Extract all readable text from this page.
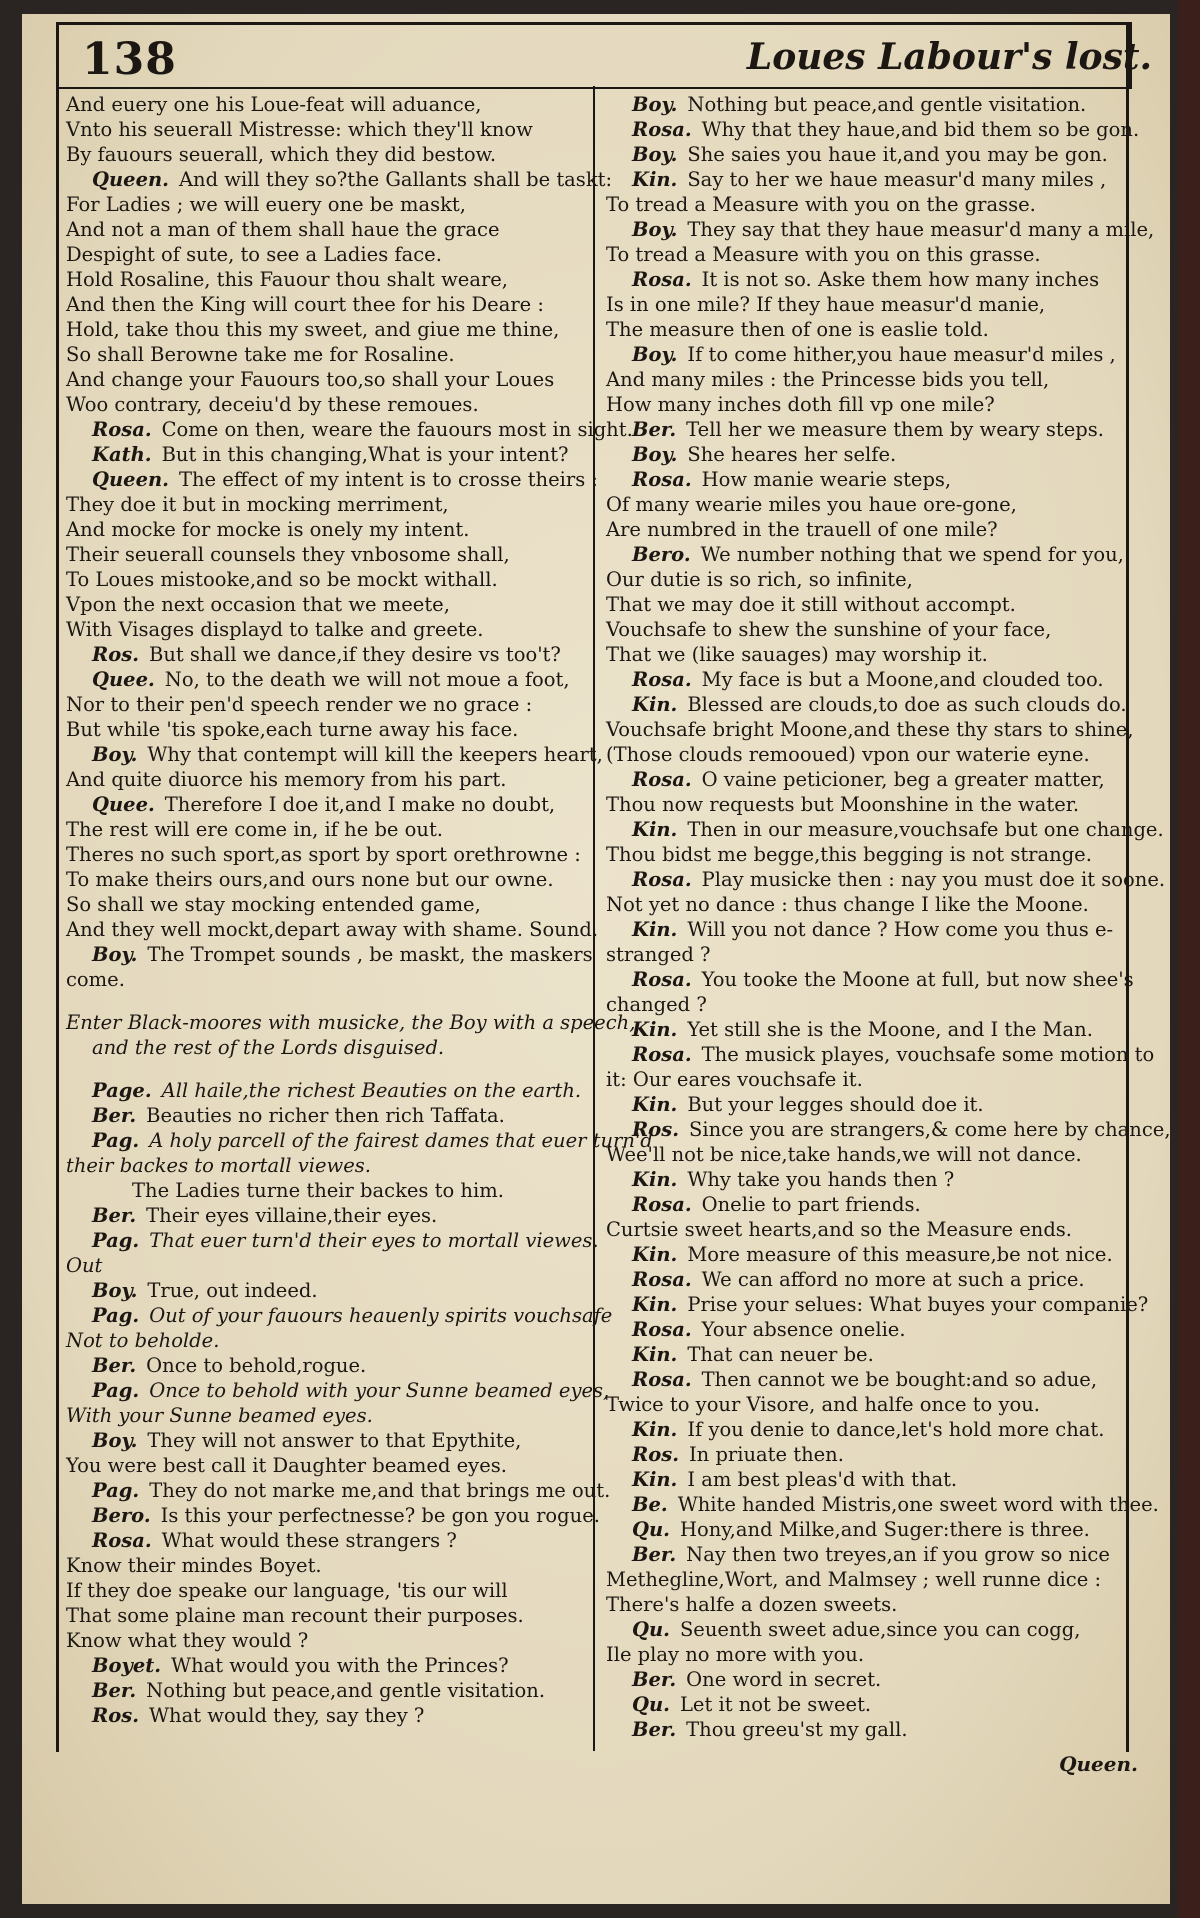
138	Loues Labour's lost.
And euery one his Loue-feat will aduance,
Vnto his seuerall Mistresse: which they'll know
By fauours seuerall, which they did bestow.
Queen. And will they so?the Gallants shall be taskt:
For Ladies ; we will euery one be maskt,
And not a man of them shall haue the grace
Despight of sute, to see a Ladies face.
Hold Rosaline, this Fauour thou shalt weare,
And then the King will court thee for his Deare :
Hold, take thou this my sweet, and giue me thine,
So shall Berowne take me for Rosaline.
And change your Fauours too,so shall your Loues
Woo contrary, deceiu'd by these remoues.
Rosa. Come on then, weare the fauours most in sight.
Kath. But in this changing,What is your intent?
Queen. The effect of my intent is to crosse theirs :
They doe it but in mocking merriment,
And mocke for mocke is onely my intent.
Their seuerall counsels they vnbosome shall,
To Loues mistooke,and so be mockt withall.
Vpon the next occasion that we meete,
With Visages displayd to talke and greete.
Ros. But shall we dance,if they desire vs too't?
Quee. No, to the death we will not moue a foot,
Nor to their pen'd speech render we no grace :
But while 'tis spoke,each turne away his face.
Boy. Why that contempt will kill the keepers heart,
And quite diuorce his memory from his part.
Quee. Therefore I doe it,and I make no doubt,
The rest will ere come in, if he be out.
Theres no such sport,as sport by sport orethrowne :
To make theirs ours,and ours none but our owne.
So shall we stay mocking entended game,
And they well mockt,depart away with shame. Sound.
Boy. The Trompet sounds , be maskt, the maskers
come.
Enter Black-moores with musicke, the Boy with a speech,
and the rest of the Lords disguised.
Page. All haile,the richest Beauties on the earth.
Ber. Beauties no richer then rich Taffata.
Pag. A holy parcell of the fairest dames that euer turn'd
their backes to mortall viewes.
The Ladies turne their backes to him.
Ber. Their eyes villaine,their eyes.
Pag. That euer turn'd their eyes to mortall viewes.
Out
Boy. True, out indeed.
Pag. Out of your fauours heauenly spirits vouchsafe
Not to beholde.
Ber. Once to behold,rogue.
Pag. Once to behold with your Sunne beamed eyes,
With your Sunne beamed eyes.
Boy. They will not answer to that Epythite,
You were best call it Daughter beamed eyes.
Pag. They do not marke me,and that brings me out.
Bero. Is this your perfectnesse? be gon you rogue.
Rosa. What would these strangers ?
Know their mindes Boyet.
If they doe speake our language, 'tis our will
That some plaine man recount their purposes.
Know what they would ?
Boyet. What would you with the Princes?
Ber. Nothing but peace,and gentle visitation.
Ros. What would they, say they ?
Boy. Nothing but peace,and gentle visitation.
Rosa. Why that they haue,and bid them so be gon.
Boy. She saies you haue it,and you may be gon.
Kin. Say to her we haue measur'd many miles ,
To tread a Measure with you on the grasse.
Boy. They say that they haue measur'd many a mile,
To tread a Measure with you on this grasse.
Rosa. It is not so. Aske them how many inches
Is in one mile? If they haue measur'd manie,
The measure then of one is easlie told.
Boy. If to come hither,you haue measur'd miles ,
And many miles : the Princesse bids you tell,
How many inches doth fill vp one mile?
Ber. Tell her we measure them by weary steps.
Boy. She heares her selfe.
Rosa. How manie wearie steps,
Of many wearie miles you haue ore-gone,
Are numbred in the trauell of one mile?
Bero. We number nothing that we spend for you,
Our dutie is so rich, so infinite,
That we may doe it still without accompt.
Vouchsafe to shew the sunshine of your face,
That we (like sauages) may worship it.
Rosa. My face is but a Moone,and clouded too.
Kin. Blessed are clouds,to doe as such clouds do.
Vouchsafe bright Moone,and these thy stars to shine,
(Those clouds remooued) vpon our waterie eyne.
Rosa. O vaine peticioner, beg a greater matter,
Thou now requests but Moonshine in the water.
Kin. Then in our measure,vouchsafe but one change.
Thou bidst me begge,this begging is not strange.
Rosa. Play musicke then : nay you must doe it soone.
Not yet no dance : thus change I like the Moone.
Kin. Will you not dance ? How come you thus e-
stranged ?
Rosa. You tooke the Moone at full, but now shee's
changed ?
Kin. Yet still she is the Moone, and I the Man.
Rosa. The musick playes, vouchsafe some motion to
it: Our eares vouchsafe it.
Kin. But your legges should doe it.
Ros. Since you are strangers,& come here by chance,
Wee'll not be nice,take hands,we will not dance.
Kin. Why take you hands then ?
Rosa. Onelie to part friends.
Curtsie sweet hearts,and so the Measure ends.
Kin. More measure of this measure,be not nice.
Rosa. We can afford no more at such a price.
Kin. Prise your selues: What buyes your companie?
Rosa. Your absence onelie.
Kin. That can neuer be.
Rosa. Then cannot we be bought:and so adue,
Twice to your Visore, and halfe once to you.
Kin. If you denie to dance,let's hold more chat.
Ros. In priuate then.
Kin. I am best pleas'd with that.
Be. White handed Mistris,one sweet word with thee.
Qu. Hony,and Milke,and Suger:there is three.
Ber. Nay then two treyes,an if you grow so nice
Methegline,Wort, and Malmsey ; well runne dice :
There's halfe a dozen sweets.
Qu. Seuenth sweet adue,since you can cogg,
Ile play no more with you.
Ber. One word in secret.
Qu. Let it not be sweet.
Ber. Thou greeu'st my gall.
Queen.
